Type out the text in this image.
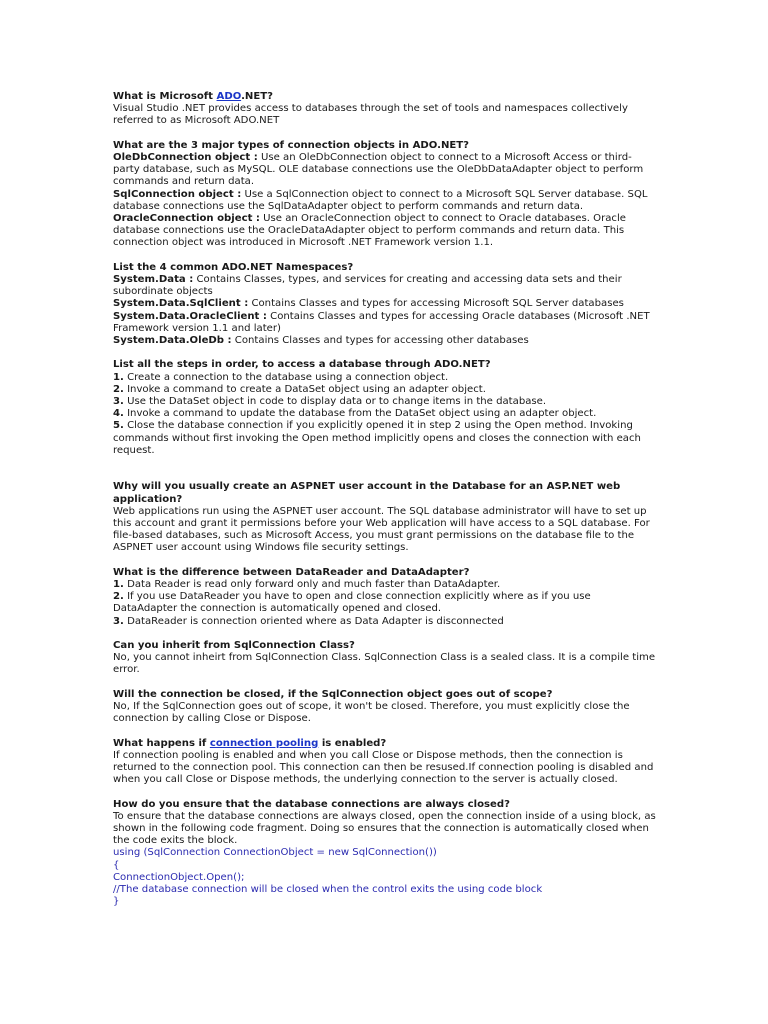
What is Microsoft ADO.NET?
Visual Studio .NET provides access to databases through the set of tools and namespaces collectively referred to as Microsoft ADO.NET
What are the 3 major types of connection objects in ADO.NET?
OleDbConnection object : Use an OleDbConnection object to connect to a Microsoft Access or third-party database, such as MySQL. OLE database connections use the OleDbDataAdapter object to perform commands and return data.
SqlConnection object : Use a SqlConnection object to connect to a Microsoft SQL Server database. SQL database connections use the SqlDataAdapter object to perform commands and return data.
OracleConnection object : Use an OracleConnection object to connect to Oracle databases. Oracle database connections use the OracleDataAdapter object to perform commands and return data. This connection object was introduced in Microsoft .NET Framework version 1.1.
List the 4 common ADO.NET Namespaces?
System.Data : Contains Classes, types, and services for creating and accessing data sets and their subordinate objects
System.Data.SqlClient : Contains Classes and types for accessing Microsoft SQL Server databases
System.Data.OracleClient : Contains Classes and types for accessing Oracle databases (Microsoft .NET Framework version 1.1 and later)
System.Data.OleDb : Contains Classes and types for accessing other databases
List all the steps in order, to access a database through ADO.NET?
1. Create a connection to the database using a connection object.
2. Invoke a command to create a DataSet object using an adapter object.
3. Use the DataSet object in code to display data or to change items in the database.
4. Invoke a command to update the database from the DataSet object using an adapter object.
5. Close the database connection if you explicitly opened it in step 2 using the Open method. Invoking commands without first invoking the Open method implicitly opens and closes the connection with each request.
Why will you usually create an ASPNET user account in the Database for an ASP.NET web application?
Web applications run using the ASPNET user account. The SQL database administrator will have to set up this account and grant it permissions before your Web application will have access to a SQL database. For file-based databases, such as Microsoft Access, you must grant permissions on the database file to the ASPNET user account using Windows file security settings.
What is the difference between DataReader and DataAdapter?
1. Data Reader is read only forward only and much faster than DataAdapter.
2. If you use DataReader you have to open and close connection explicitly where as if you use DataAdapter the connection is automatically opened and closed.
3. DataReader is connection oriented where as Data Adapter is disconnected
Can you inherit from SqlConnection Class?
No, you cannot inheirt from SqlConnection Class. SqlConnection Class is a sealed class. It is a compile time error.
Will the connection be closed, if the SqlConnection object goes out of scope?
No, If the SqlConnection goes out of scope, it won't be closed. Therefore, you must explicitly close the connection by calling Close or Dispose.
What happens if connection pooling is enabled?
If connection pooling is enabled and when you call Close or Dispose methods, then the connection is returned to the connection pool. This connection can then be resused.If connection pooling is disabled and when you call Close or Dispose methods, the underlying connection to the server is actually closed.
How do you ensure that the database connections are always closed?
To ensure that the database connections are always closed, open the connection inside of a using block, as shown in the following code fragment. Doing so ensures that the connection is automatically closed when the code exits the block.
using (SqlConnection ConnectionObject = new SqlConnection())
{
ConnectionObject.Open();
//The database connection will be closed when the control exits the using code block
}
